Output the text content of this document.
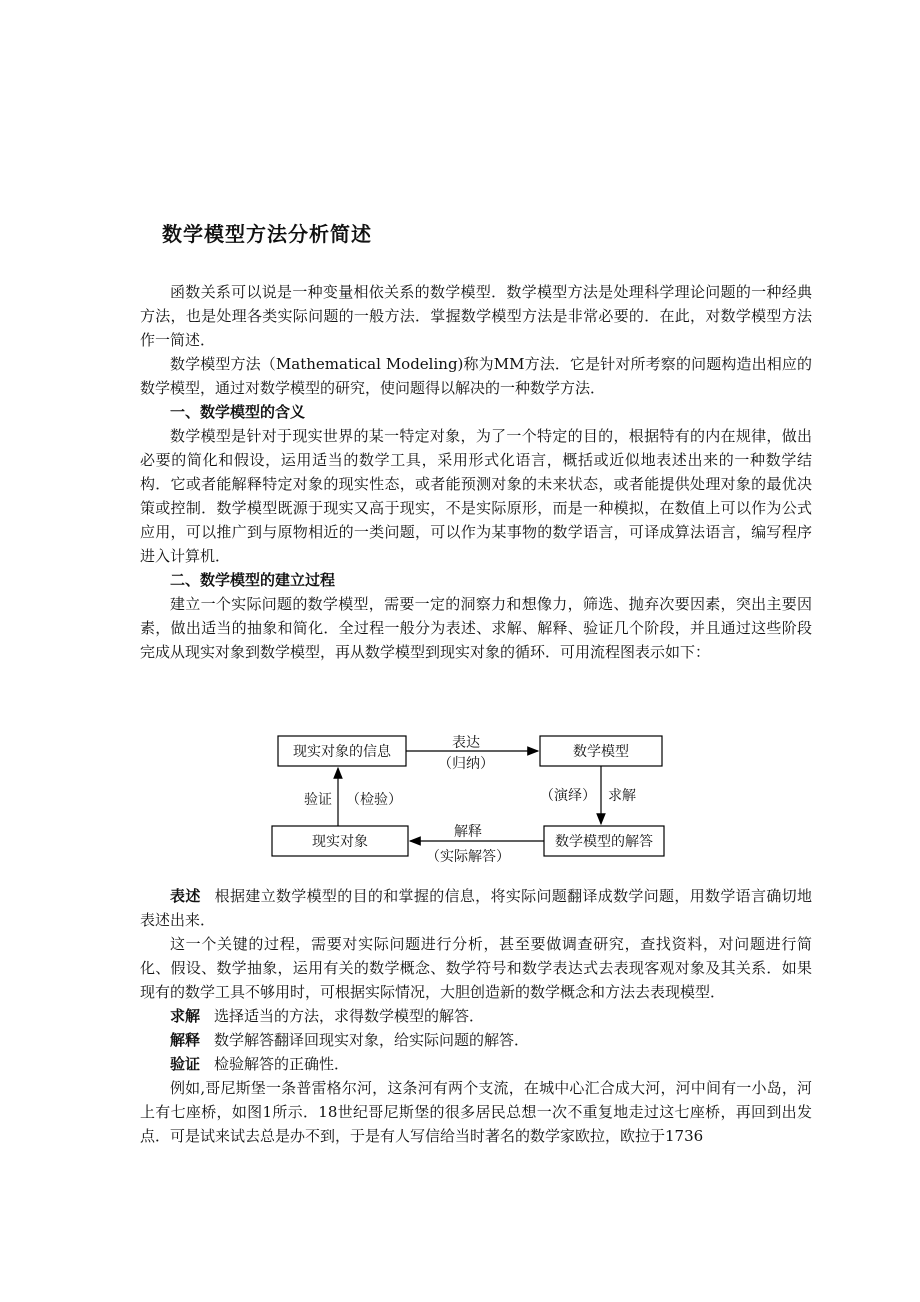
数学模型方法分析简述

函数关系可以说是一种变量相依关系的数学模型．数学模型方法是处理科学理论问题的一种经典方法，也是处理各类实际问题的一般方法．掌握数学模型方法是非常必要的．在此，对数学模型方法作一简述．

数学模型方法（Mathematical Modeling)称为MM方法．它是针对所考察的问题构造出相应的数学模型，通过对数学模型的研究，使问题得以解决的一种数学方法．

一、数学模型的含义

数学模型是针对于现实世界的某一特定对象，为了一个特定的目的，根据特有的内在规律，做出必要的简化和假设，运用适当的数学工具，采用形式化语言，概括或近似地表述出来的一种数学结构．它或者能解释特定对象的现实性态，或者能预测对象的未来状态，或者能提供处理对象的最优决策或控制．数学模型既源于现实又高于现实，不是实际原形，而是一种模拟，在数值上可以作为公式应用，可以推广到与原物相近的一类问题，可以作为某事物的数学语言，可译成算法语言，编写程序进入计算机．

二、数学模型的建立过程

建立一个实际问题的数学模型，需要一定的洞察力和想像力，筛选、抛弃次要因素，突出主要因素，做出适当的抽象和简化．全过程一般分为表述、求解、解释、验证几个阶段，并且通过这些阶段完成从现实对象到数学模型，再从数学模型到现实对象的循环．可用流程图表示如下：

现实对象的信息	数学模型
数学模型的解答
现实对象
表达
（归纳）
（演绎） 求解
解释
（实际解答）
验证 （检验）

表述 根据建立数学模型的目的和掌握的信息，将实际问题翻译成数学问题，用数学语言确切地表述出来．

这一个关键的过程，需要对实际问题进行分析，甚至要做调查研究，查找资料，对问题进行简化、假设、数学抽象，运用有关的数学概念、数学符号和数学表达式去表现客观对象及其关系．如果现有的数学工具不够用时，可根据实际情况，大胆创造新的数学概念和方法去表现模型．

求解 选择适当的方法，求得数学模型的解答．

解释 数学解答翻译回现实对象，给实际问题的解答．

验证 检验解答的正确性．

例如,哥尼斯堡一条普雷格尔河，这条河有两个支流，在城中心汇合成大河，河中间有一小岛，河上有七座桥，如图1所示．18世纪哥尼斯堡的很多居民总想一次不重复地走过这七座桥，再回到出发点．可是试来试去总是办不到，于是有人写信给当时著名的数学家欧拉，欧拉于1736
